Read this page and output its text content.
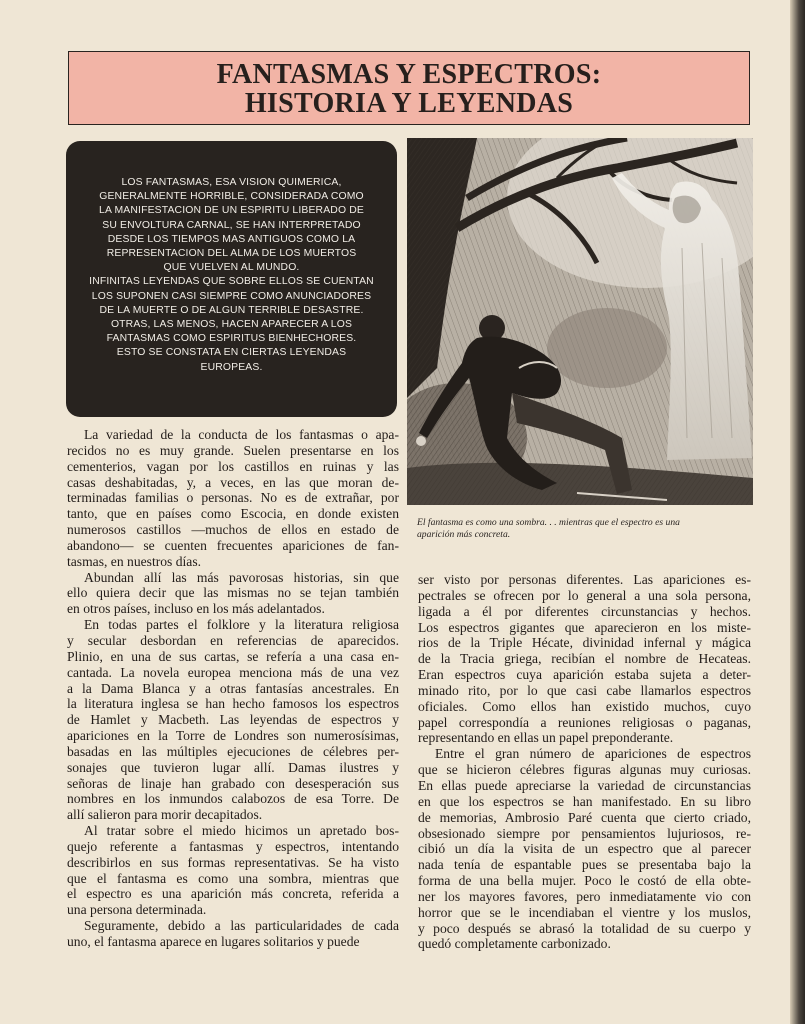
FANTASMAS Y ESPECTROS:
HISTORIA Y LEYENDAS
LOS FANTASMAS, ESA VISION QUIMERICA,
GENERALMENTE HORRIBLE, CONSIDERADA COMO
LA MANIFESTACION DE UN ESPIRITU LIBERADO DE
SU ENVOLTURA CARNAL, SE HAN INTERPRETADO
DESDE LOS TIEMPOS MAS ANTIGUOS COMO LA
REPRESENTACION DEL ALMA DE LOS MUERTOS
QUE VUELVEN AL MUNDO.
INFINITAS LEYENDAS QUE SOBRE ELLOS SE CUENTAN
LOS SUPONEN CASI SIEMPRE COMO ANUNCIADORES
DE LA MUERTE O DE ALGUN TERRIBLE DESASTRE.
OTRAS, LAS MENOS, HACEN APARECER A LOS
FANTASMAS COMO ESPIRITUS BIENHECHORES.
ESTO SE CONSTATA EN CIERTAS LEYENDAS
EUROPEAS.
El fantasma es como una sombra. . . mientras que el espectro es una
aparición más concreta.
La variedad de la conducta de los fantasmas o apa-
recidos no es muy grande. Suelen presentarse en los
cementerios, vagan por los castillos en ruinas y las
casas deshabitadas, y, a veces, en las que moran de-
terminadas familias o personas. No es de extrañar, por
tanto, que en países como Escocia, en donde existen
numerosos castillos —muchos de ellos en estado de
abandono— se cuenten frecuentes apariciones de fan-
tasmas, en nuestros días.
Abundan allí las más pavorosas historias, sin que
ello quiera decir que las mismas no se tejan también
en otros países, incluso en los más adelantados.
En todas partes el folklore y la literatura religiosa
y secular desbordan en referencias de aparecidos.
Plinio, en una de sus cartas, se refería a una casa en-
cantada. La novela europea menciona más de una vez
a la Dama Blanca y a otras fantasías ancestrales. En
la literatura inglesa se han hecho famosos los espectros
de Hamlet y Macbeth. Las leyendas de espectros y
apariciones en la Torre de Londres son numerosísimas,
basadas en las múltiples ejecuciones de célebres per-
sonajes que tuvieron lugar allí. Damas ilustres y
señoras de linaje han grabado con desesperación sus
nombres en los inmundos calabozos de esa Torre. De
allí salieron para morir decapitados.
Al tratar sobre el miedo hicimos un apretado bos-
quejo referente a fantasmas y espectros, intentando
describirlos en sus formas representativas. Se ha visto
que el fantasma es como una sombra, mientras que
el espectro es una aparición más concreta, referida a
una persona determinada.
Seguramente, debido a las particularidades de cada
uno, el fantasma aparece en lugares solitarios y puede
ser visto por personas diferentes. Las apariciones es-
pectrales se ofrecen por lo general a una sola persona,
ligada a él por diferentes circunstancias y hechos.
Los espectros gigantes que aparecieron en los miste-
rios de la Triple Hécate, divinidad infernal y mágica
de la Tracia griega, recibían el nombre de Hecateas.
Eran espectros cuya aparición estaba sujeta a deter-
minado rito, por lo que casi cabe llamarlos espectros
oficiales. Como ellos han existido muchos, cuyo
papel correspondía a reuniones religiosas o paganas,
representando en ellas un papel preponderante.
Entre el gran número de apariciones de espectros
que se hicieron célebres figuras algunas muy curiosas.
En ellas puede apreciarse la variedad de circunstancias
en que los espectros se han manifestado. En su libro
de memorias, Ambrosio Paré cuenta que cierto criado,
obsesionado siempre por pensamientos lujuriosos, re-
cibió un día la visita de un espectro que al parecer
nada tenía de espantable pues se presentaba bajo la
forma de una bella mujer. Poco le costó de ella obte-
ner los mayores favores, pero inmediatamente vio con
horror que se le incendiaban el vientre y los muslos,
y poco después se abrasó la totalidad de su cuerpo y
quedó completamente carbonizado.
